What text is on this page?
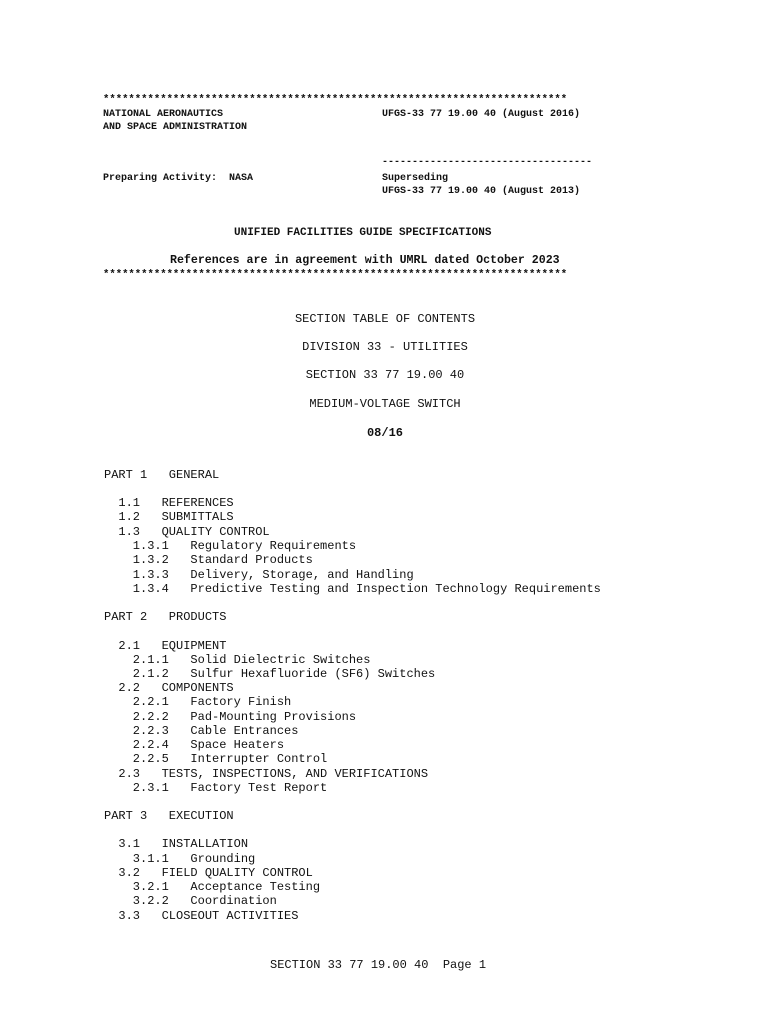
*************************************************************************
NATIONAL AERONAUTICS	UFGS-33 77 19.00 40 (August 2016)
AND SPACE ADMINISTRATION
-----------------------------------
Preparing Activity:  NASA	Superseding
UFGS-33 77 19.00 40 (August 2013)
UNIFIED FACILITIES GUIDE SPECIFICATIONS
References are in agreement with UMRL dated October 2023
*************************************************************************
SECTION TABLE OF CONTENTS
DIVISION 33 - UTILITIES
SECTION 33 77 19.00 40
MEDIUM-VOLTAGE SWITCH
08/16
PART 1   GENERAL
1.1   REFERENCES
1.2   SUBMITTALS
1.3   QUALITY CONTROL
1.3.1   Regulatory Requirements
1.3.2   Standard Products
1.3.3   Delivery, Storage, and Handling
1.3.4   Predictive Testing and Inspection Technology Requirements
PART 2   PRODUCTS
2.1   EQUIPMENT
2.1.1   Solid Dielectric Switches
2.1.2   Sulfur Hexafluoride (SF6) Switches
2.2   COMPONENTS
2.2.1   Factory Finish
2.2.2   Pad-Mounting Provisions
2.2.3   Cable Entrances
2.2.4   Space Heaters
2.2.5   Interrupter Control
2.3   TESTS, INSPECTIONS, AND VERIFICATIONS
2.3.1   Factory Test Report
PART 3   EXECUTION
3.1   INSTALLATION
3.1.1   Grounding
3.2   FIELD QUALITY CONTROL
3.2.1   Acceptance Testing
3.2.2   Coordination
3.3   CLOSEOUT ACTIVITIES
SECTION 33 77 19.00 40  Page 1
